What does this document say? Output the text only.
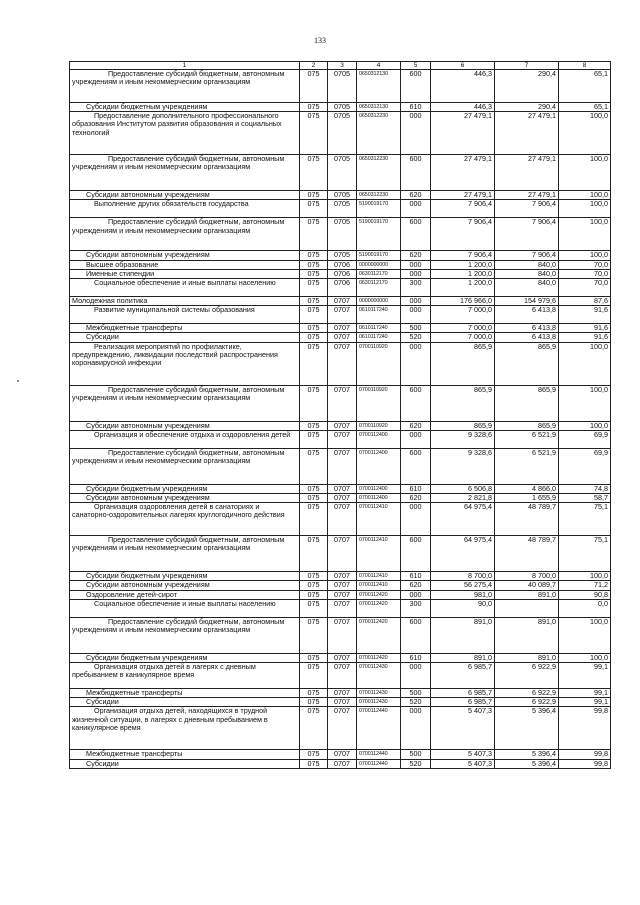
133
1	2	3	4	5	6	7	8
Предоставление субсидий бюджетным, автономным учреждениям и иным некоммерческим организациям	075	0705	0650312130	600	446,3	290,4	65,1
Субсидии бюджетным учреждениям	075	0705	0650312130	610	446,3	290,4	65,1
Предоставление дополнительного профессионального образования Институтом развития образования и социальных технологий	075	0705	0650312230	000	27 479,1	27 479,1	100,0
Предоставление субсидий бюджетным, автономным учреждениям и иным некоммерческим организациям	075	0705	0650312230	600	27 479,1	27 479,1	100,0
Субсидии автономным учреждениям	075	0705	0650312230	620	27 479,1	27 479,1	100,0
Выполнение других обязательств государства	075	0705	5190019170	000	7 906,4	7 906,4	100,0
Предоставление субсидий бюджетным, автономным учреждениям и иным некоммерческим организациям	075	0705	5190019170	600	7 906,4	7 906,4	100,0
Субсидии автономным учреждениям	075	0705	5190019170	620	7 906,4	7 906,4	100,0
Высшее образование	075	0706	0000000000	000	1 200,0	840,0	70,0
Именные стипендии	075	0706	0630112170	000	1 200,0	840,0	70,0
Социальное обеспечение и иные выплаты населению	075	0706	0630112170	300	1 200,0	840,0	70,0
Молодежная политика	075	0707	0000000000	000	176 966,0	154 979,6	87,6
Развитие муниципальной системы образования	075	0707	0610117240	000	7 000,0	6 413,8	91,6
Межбюджетные трансферты	075	0707	0610117240	500	7 000,0	6 413,8	91,6
Субсидии	075	0707	0610117240	520	7 000,0	6 413,8	91,6
Реализация мероприятий по профилактике, предупреждению, ликвидации последствий распространения коронавирусной инфекции	075	0707	0700110920	000	865,9	865,9	100,0
Предоставление субсидий бюджетным, автономным учреждениям и иным некоммерческим организациям	075	0707	0700110920	600	865,9	865,9	100,0
Субсидии автономным учреждениям	075	0707	0700110920	620	865,9	865,9	100,0
Организация и обеспечение отдыха и оздоровления детей	075	0707	0700112400	000	9 328,6	6 521,9	69,9
Предоставление субсидий бюджетным, автономным учреждениям и иным некоммерческим организациям	075	0707	0700112400	600	9 328,6	6 521,9	69,9
Субсидии бюджетным учреждениям	075	0707	0700112400	610	6 506,8	4 866,0	74,8
Субсидии автономным учреждениям	075	0707	0700112400	620	2 821,8	1 655,9	58,7
Организация оздоровления детей в санаториях и санаторно-оздоровительных лагерях круглогодичного действия	075	0707	0700112410	000	64 975,4	48 789,7	75,1
Предоставление субсидий бюджетным, автономным учреждениям и иным некоммерческим организациям	075	0707	0700112410	600	64 975,4	48 789,7	75,1
Субсидии бюджетным учреждениям	075	0707	0700112410	610	8 700,0	8 700,0	100,0
Субсидии автономным учреждениям	075	0707	0700112410	620	56 275,4	40 089,7	71,2
Оздоровление детей-сирот	075	0707	0700112420	000	981,0	891,0	90,8
Социальное обеспечение и иные выплаты населению	075	0707	0700112420	300	90,0		0,0
Предоставление субсидий бюджетным, автономным учреждениям и иным некоммерческим организациям	075	0707	0700112420	600	891,0	891,0	100,0
Субсидии бюджетным учреждениям	075	0707	0700112420	610	891,0	891,0	100,0
Организация отдыха детей в лагерях с дневным пребыванием в каникулярное время	075	0707	0700112430	000	6 985,7	6 922,9	99,1
Межбюджетные трансферты	075	0707	0700112430	500	6 985,7	6 922,9	99,1
Субсидии	075	0707	0700112430	520	6 985,7	6 922,9	99,1
Организация отдыха детей, находящихся в трудной жизненной ситуации, в лагерях с дневным пребыванием в каникулярное время	075	0707	0700112440	000	5 407,3	5 396,4	99,8
Межбюджетные трансферты	075	0707	0700112440	500	5 407,3	5 396,4	99,8
Субсидии	075	0707	0700112440	520	5 407,3	5 396,4	99,8
